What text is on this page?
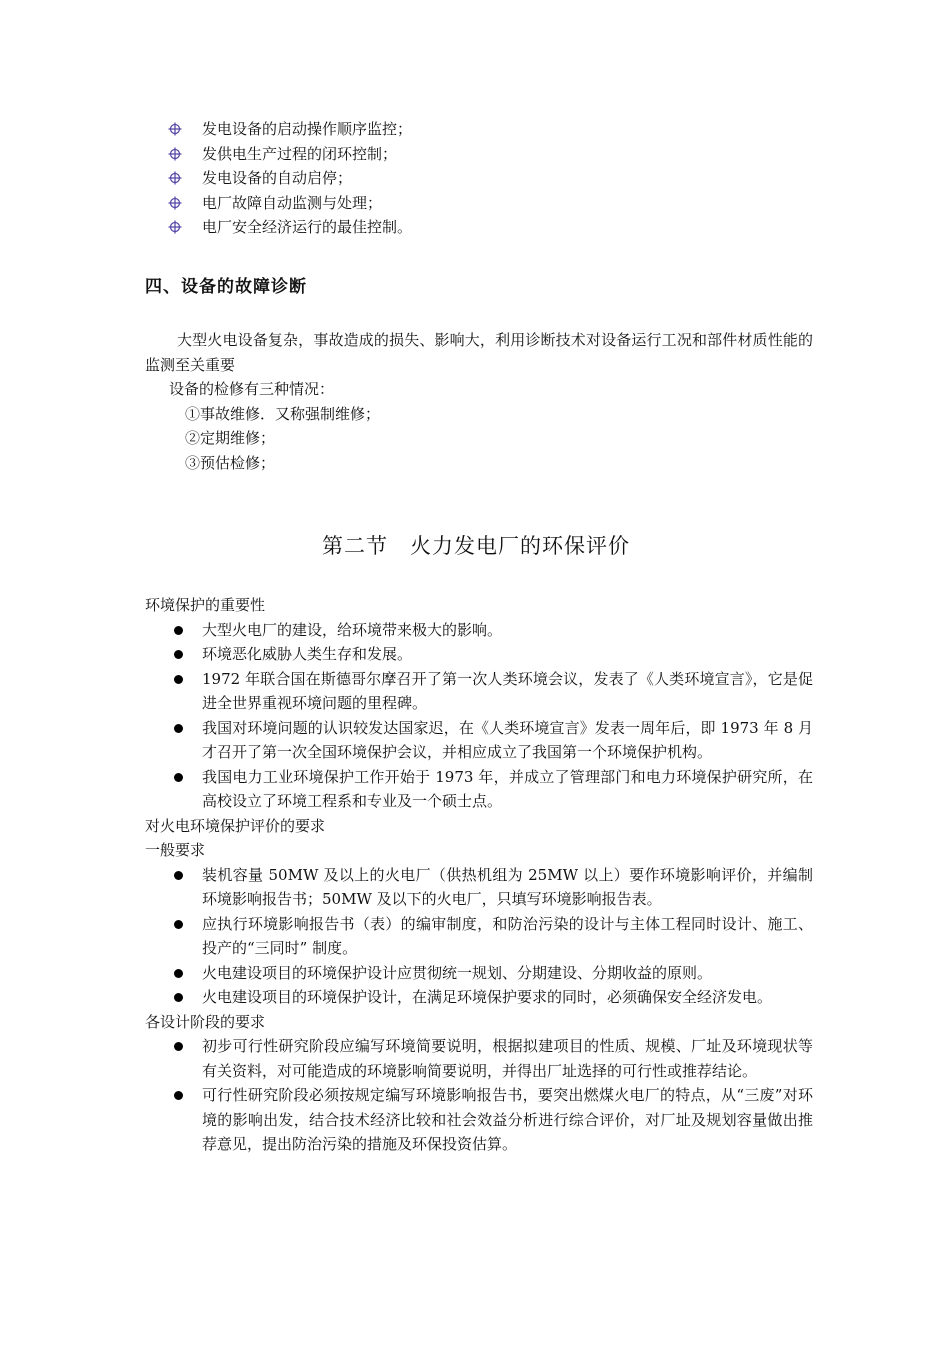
发电设备的启动操作顺序监控；
发供电生产过程的闭环控制；
发电设备的自动启停；
电厂故障自动监测与处理；
电厂安全经济运行的最佳控制。
四、设备的故障诊断
大型火电设备复杂，事故造成的损失、影响大，利用诊断技术对设备运行工况和部件材质性能的监测至关重要
设备的检修有三种情况：
①事故维修．又称强制维修；
②定期维修；
③预估检修；
第二节　火力发电厂的环保评价
环境保护的重要性
大型火电厂的建设，给环境带来极大的影响。
环境恶化威胁人类生存和发展。
1972 年联合国在斯德哥尔摩召开了第一次人类环境会议，发表了《人类环境宣言》，它是促进全世界重视环境问题的里程碑。
我国对环境问题的认识较发达国家迟，在《人类环境宣言》发表一周年后，即 1973 年 8 月才召开了第一次全国环境保护会议，并相应成立了我国第一个环境保护机构。
我国电力工业环境保护工作开始于 1973 年，并成立了管理部门和电力环境保护研究所，在高校设立了环境工程系和专业及一个硕士点。
对火电环境保护评价的要求
一般要求
装机容量 50MW 及以上的火电厂（供热机组为 25MW 以上）要作环境影响评价，并编制环境影响报告书；50MW 及以下的火电厂，只填写环境影响报告表。
应执行环境影响报告书（表）的编审制度，和防治污染的设计与主体工程同时设计、施工、投产的“三同时” 制度。
火电建设项目的环境保护设计应贯彻统一规划、分期建设、分期收益的原则。
火电建设项目的环境保护设计，在满足环境保护要求的同时，必须确保安全经济发电。
各设计阶段的要求
初步可行性研究阶段应编写环境简要说明，根据拟建项目的性质、规模、厂址及环境现状等有关资料，对可能造成的环境影响简要说明，并得出厂址选择的可行性或推荐结论。
可行性研究阶段必须按规定编写环境影响报告书，要突出燃煤火电厂的特点，从“三废”对环境的影响出发，结合技术经济比较和社会效益分析进行综合评价，对厂址及规划容量做出推荐意见，提出防治污染的措施及环保投资估算。
